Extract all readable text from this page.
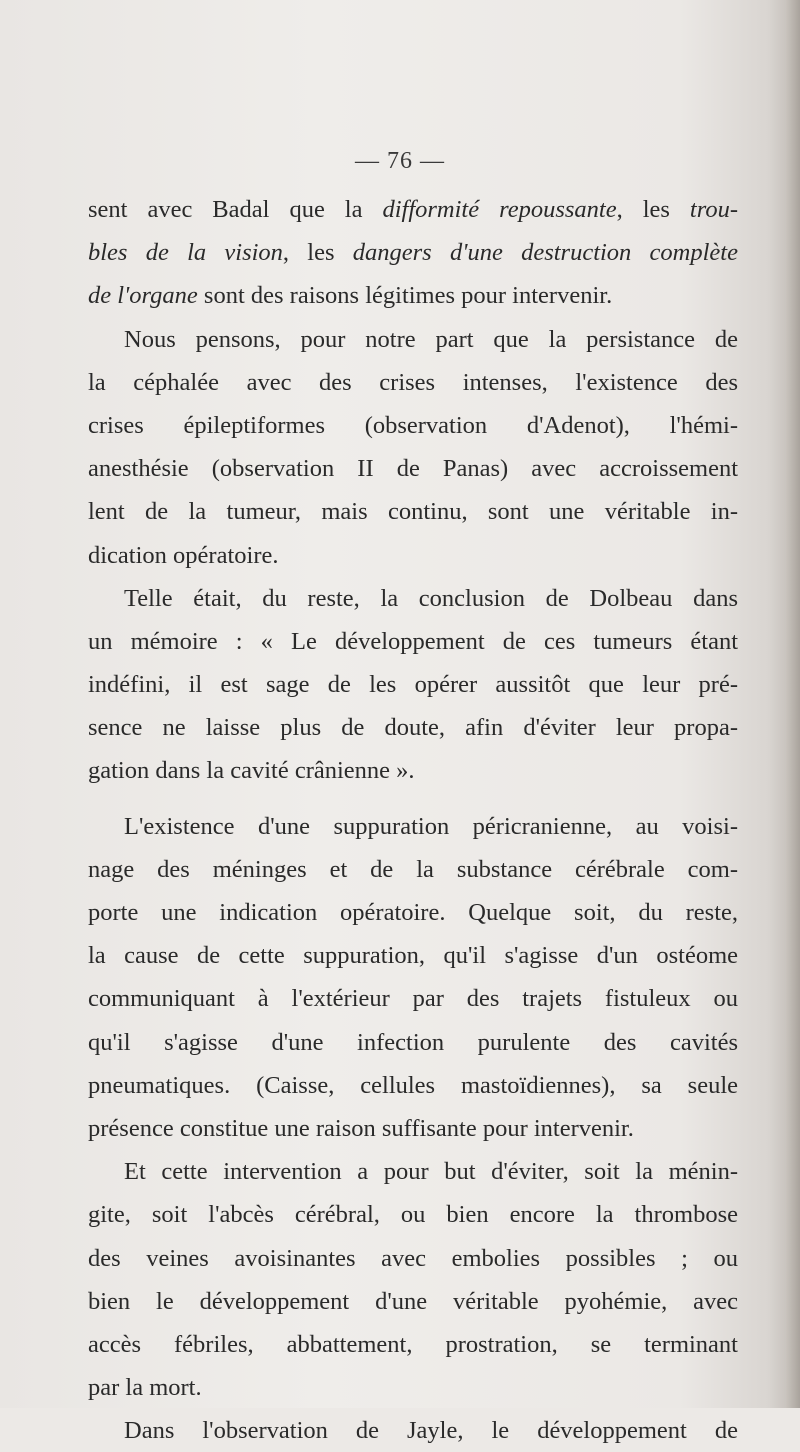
— 76 —
sent avec Badal que la difformité repoussante, les trou-
bles de la vision, les dangers d'une destruction complète
de l'organe sont des raisons légitimes pour intervenir.
Nous pensons, pour notre part que la persistance de
la céphalée avec des crises intenses, l'existence des
crises épileptiformes (observation d'Adenot), l'hémi-
anesthésie (observation II de Panas) avec accroissement
lent de la tumeur, mais continu, sont une véritable in-
dication opératoire.
Telle était, du reste, la conclusion de Dolbeau dans
un mémoire : « Le développement de ces tumeurs étant
indéfini, il est sage de les opérer aussitôt que leur pré-
sence ne laisse plus de doute, afin d'éviter leur propa-
gation dans la cavité crânienne ».
L'existence d'une suppuration péricranienne, au voisi-
nage des méninges et de la substance cérébrale com-
porte une indication opératoire. Quelque soit, du reste,
la cause de cette suppuration, qu'il s'agisse d'un ostéome
communiquant à l'extérieur par des trajets fistuleux ou
qu'il s'agisse d'une infection purulente des cavités
pneumatiques. (Caisse, cellules mastoïdiennes), sa seule
présence constitue une raison suffisante pour intervenir.
Et cette intervention a pour but d'éviter, soit la ménin-
gite, soit l'abcès cérébral, ou bien encore la thrombose
des veines avoisinantes avec embolies possibles ; ou
bien le développement d'une véritable pyohémie, avec
accès fébriles, abbattement, prostration, se terminant
par la mort.
Dans l'observation de Jayle, le développement de
